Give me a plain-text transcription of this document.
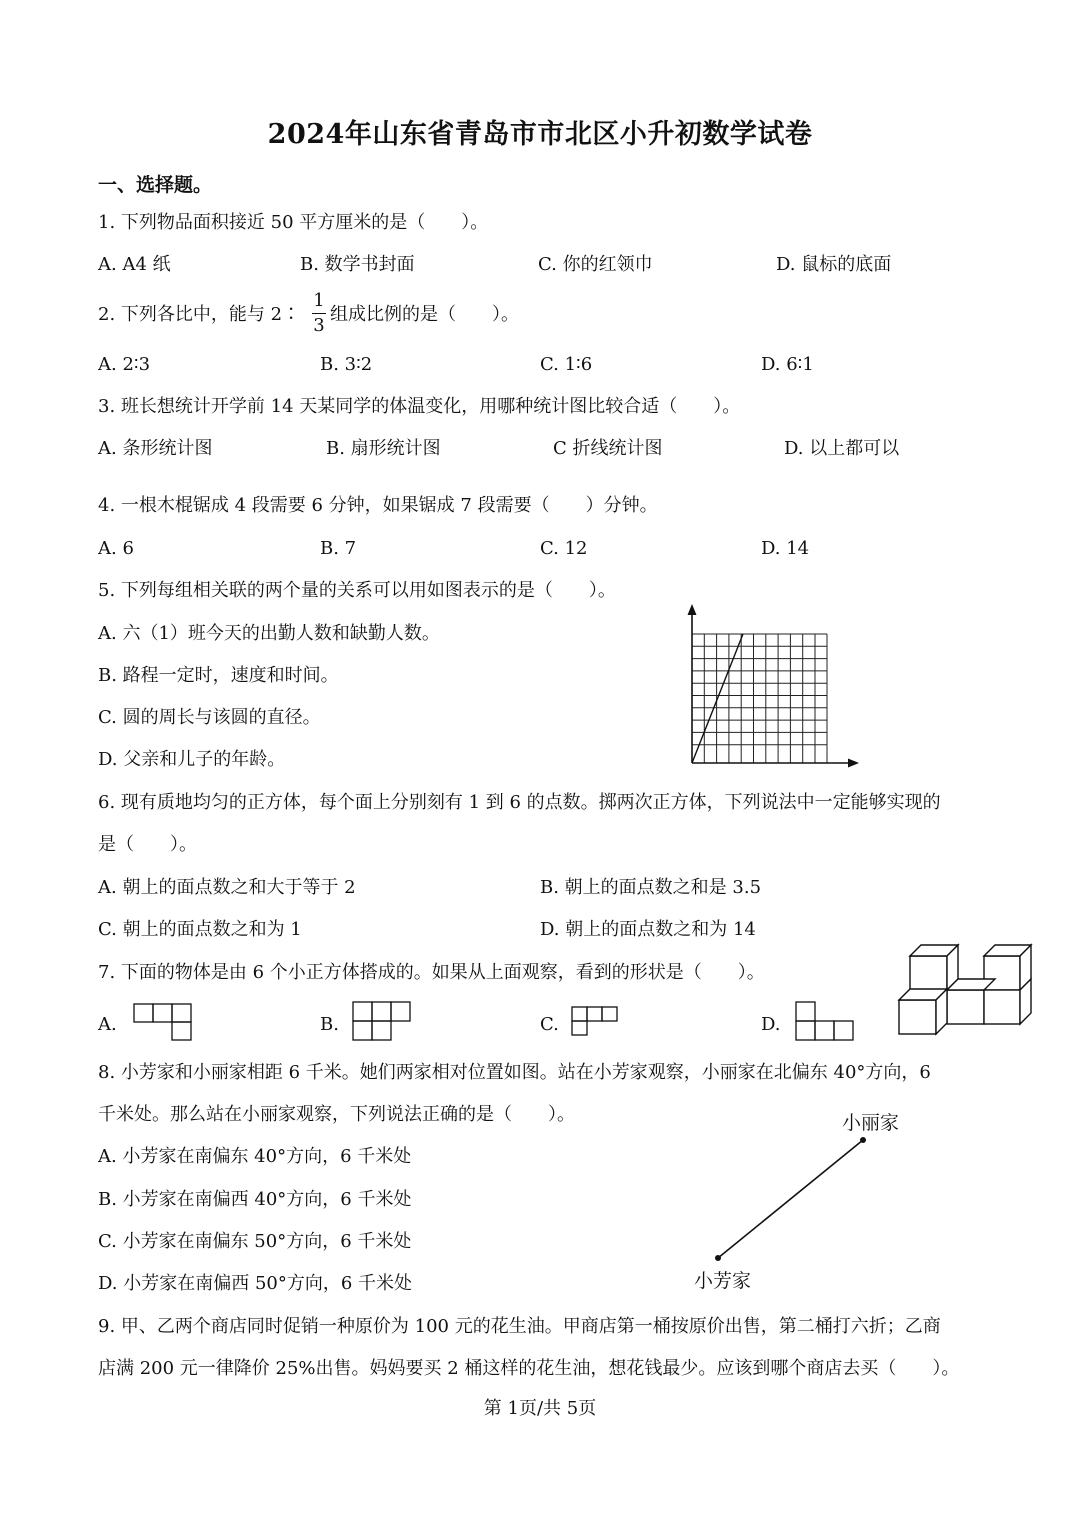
2024年山东省青岛市市北区小升初数学试卷
一、选择题。
1. 下列物品面积接近 50 平方厘米的是（　　）。
A. A4 纸	B. 数学书封面	C. 你的红领巾	D. 鼠标的底面
2. 下列各比中，能与 2∶
1
3
组成比例的是（　　）。
A. 2∶3	B. 3∶2	C. 1∶6	D. 6∶1
3. 班长想统计开学前 14 天某同学的体温变化，用哪种统计图比较合适（　　）。
A. 条形统计图	B. 扇形统计图	C 折线统计图	D. 以上都可以
4. 一根木棍锯成 4 段需要 6 分钟，如果锯成 7 段需要（　　）分钟。
A. 6	B. 7	C. 12	D. 14
5. 下列每组相关联的两个量的关系可以用如图表示的是（　　）。
A. 六（1）班今天的出勤人数和缺勤人数。
B. 路程一定时，速度和时间。
C. 圆的周长与该圆的直径。
D. 父亲和儿子的年龄。
6. 现有质地均匀的正方体，每个面上分别刻有 1 到 6 的点数。掷两次正方体，下列说法中一定能够实现的
是（　　）。
A. 朝上的面点数之和大于等于 2	B. 朝上的面点数之和是 3.5
C. 朝上的面点数之和为 1	D. 朝上的面点数之和为 14
7. 下面的物体是由 6 个小正方体搭成的。如果从上面观察，看到的形状是（　　）。
A.	B.	C.	D.
8. 小芳家和小丽家相距 6 千米。她们两家相对位置如图。站在小芳家观察，小丽家在北偏东 40°方向，6
千米处。那么站在小丽家观察，下列说法正确的是（　　）。
A. 小芳家在南偏东 40°方向，6 千米处
B. 小芳家在南偏西 40°方向，6 千米处
C. 小芳家在南偏东 50°方向，6 千米处
D. 小芳家在南偏西 50°方向，6 千米处
小丽家
小芳家
9. 甲、乙两个商店同时促销一种原价为 100 元的花生油。甲商店第一桶按原价出售，第二桶打六折；乙商
店满 200 元一律降价 25%出售。妈妈要买 2 桶这样的花生油，想花钱最少。应该到哪个商店去买（　　）。
第 1页/共 5页
